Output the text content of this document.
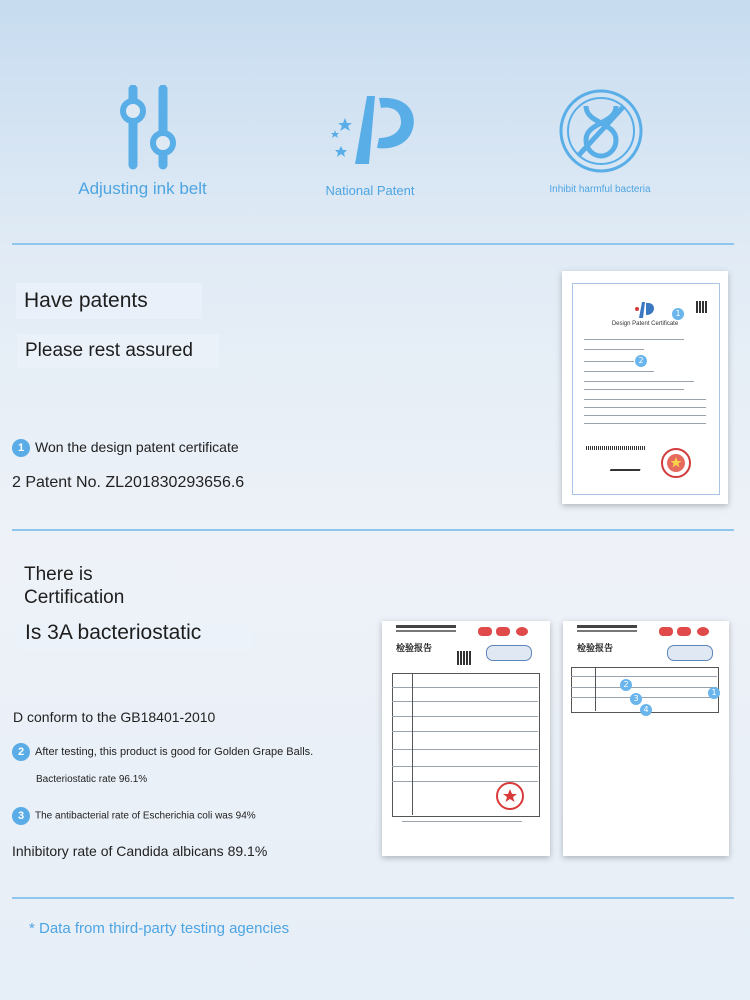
Adjusting ink belt	National Patent	Inhibit harmful bacteria
Have patents
Please rest assured
1 Won the design patent certificate
2 Patent No. ZL201830293656.6
Design Patent Certificate
1
2
There is
Certification
Is 3A bacteriostatic
D conform to the GB18401-2010
2 After testing, this product is good for Golden Grape Balls.
Bacteriostatic rate 96.1%
3 The antibacterial rate of Escherichia coli was 94%
Inhibitory rate of Candida albicans 89.1%
检验报告	检验报告
1
2
3
4
* Data from third-party testing agencies
